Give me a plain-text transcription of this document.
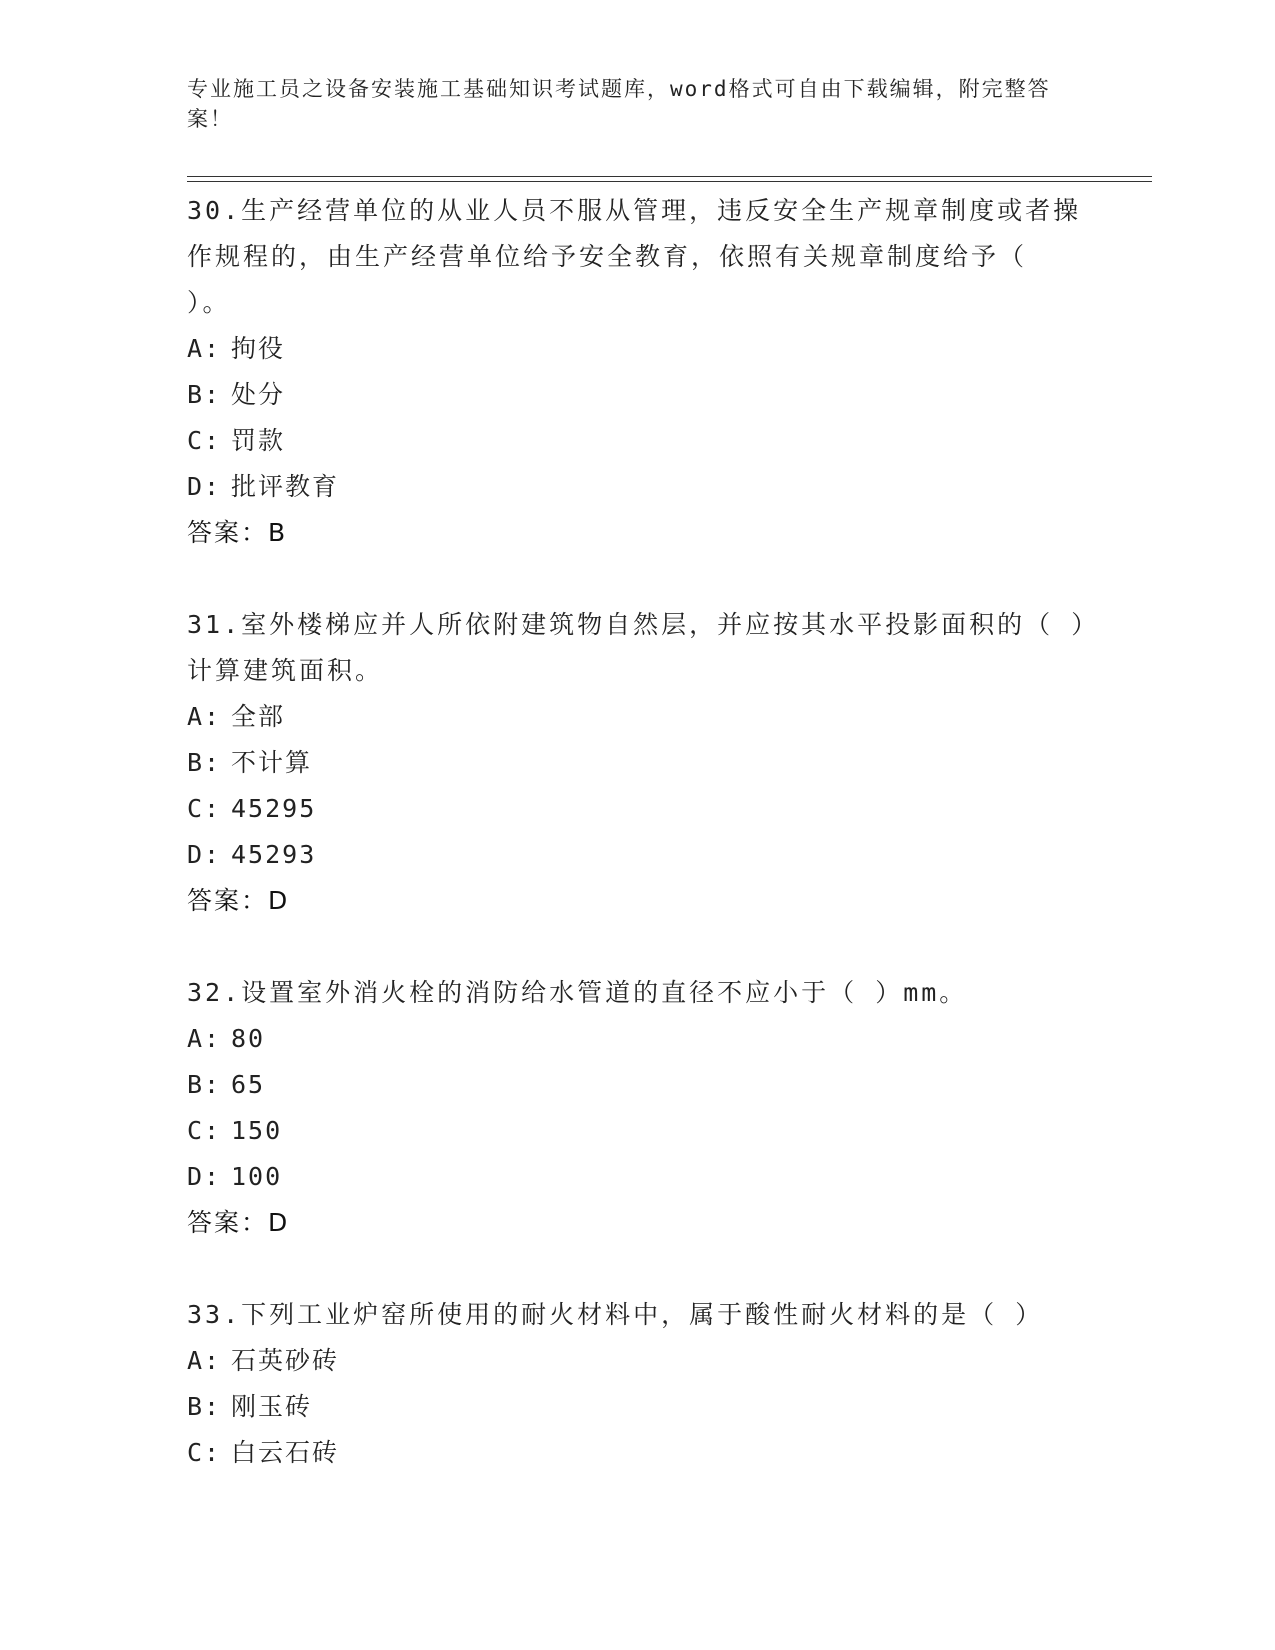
专业施工员之设备安装施工基础知识考试题库，word格式可自由下载编辑，附完整答案！

30.生产经营单位的从业人员不服从管理，违反安全生产规章制度或者操作规程的，由生产经营单位给予安全教育，依照有关规章制度给予（ ）。

A: 拘役

B: 处分

C: 罚款

D: 批评教育

答案：B

31.室外楼梯应并人所依附建筑物自然层，并应按其水平投影面积的（ ）计算建筑面积。

A: 全部

B: 不计算

C: 45295

D: 45293

答案：D

32.设置室外消火栓的消防给水管道的直径不应小于（ ）mm。

A: 80

B: 65

C: 150

D: 100

答案：D

33.下列工业炉窑所使用的耐火材料中，属于酸性耐火材料的是（ ）

A: 石英砂砖

B: 刚玉砖

C: 白云石砖
